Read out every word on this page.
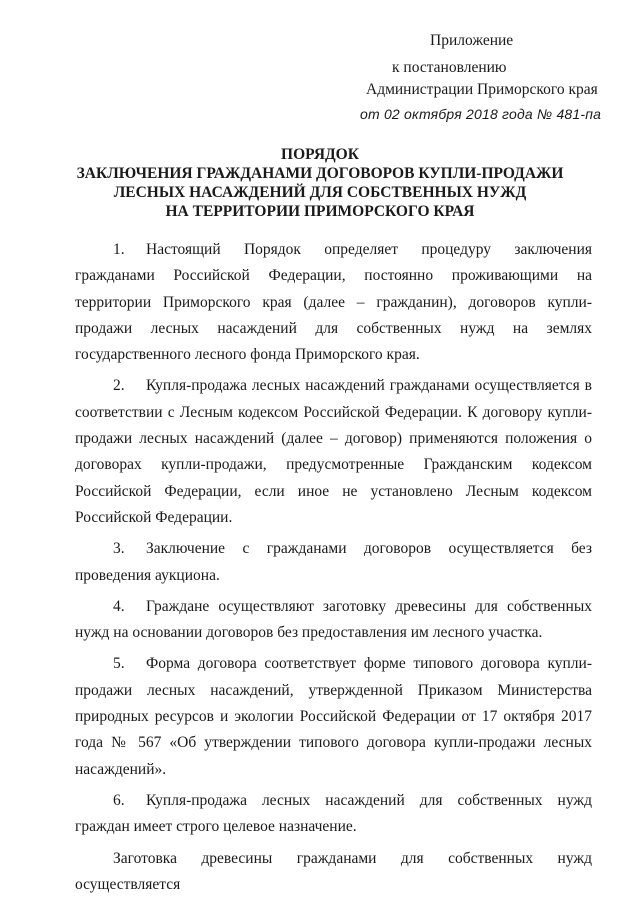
Приложение
к постановлению
Администрации Приморского края
от 02 октября 2018 года № 481-па
ПОРЯДОК
ЗАКЛЮЧЕНИЯ ГРАЖДАНАМИ ДОГОВОРОВ КУПЛИ-ПРОДАЖИ
ЛЕСНЫХ НАСАЖДЕНИЙ ДЛЯ СОБСТВЕННЫХ НУЖД
НА ТЕРРИТОРИИ ПРИМОРСКОГО КРАЯ

1. Настоящий Порядок определяет процедуру заключения гражданами Российской Федерации, постоянно проживающими на территории Приморского края (далее – гражданин), договоров купли-продажи лесных насаждений для собственных нужд на землях государственного лесного фонда Приморского края.

2. Купля-продажа лесных насаждений гражданами осуществляется в соответствии с Лесным кодексом Российской Федерации. К договору купли-продажи лесных насаждений (далее – договор) применяются положения о договорах купли-продажи, предусмотренные Гражданским кодексом Российской Федерации, если иное не установлено Лесным кодексом Российской Федерации.

3. Заключение с гражданами договоров осуществляется без проведения аукциона.

4. Граждане осуществляют заготовку древесины для собственных нужд на основании договоров без предоставления им лесного участка.

5. Форма договора соответствует форме типового договора купли-продажи лесных насаждений, утвержденной Приказом Министерства природных ресурсов и экологии Российской Федерации от 17 октября 2017 года № 567 «Об утверждении типового договора купли-продажи лесных насаждений».

6. Купля-продажа лесных насаждений для собственных нужд граждан имеет строго целевое назначение.

Заготовка древесины гражданами для собственных нужд осуществляется
